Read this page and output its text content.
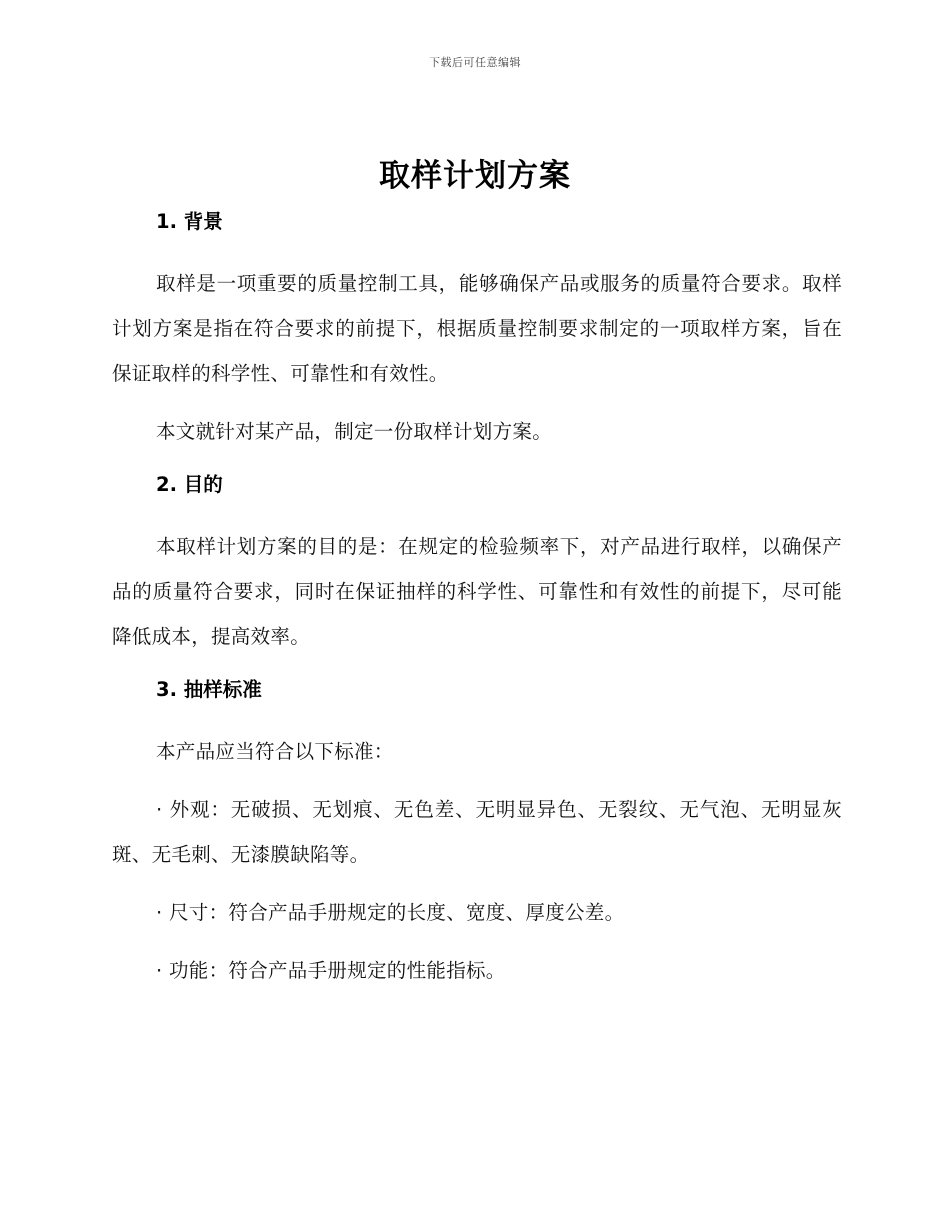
下载后可任意编辑
取样计划方案

1. 背景

取样是一项重要的质量控制工具，能够确保产品或服务的质量符合要求。取样计划方案是指在符合要求的前提下，根据质量控制要求制定的一项取样方案，旨在保证取样的科学性、可靠性和有效性。

本文就针对某产品，制定一份取样计划方案。

2. 目的

本取样计划方案的目的是：在规定的检验频率下，对产品进行取样，以确保产品的质量符合要求，同时在保证抽样的科学性、可靠性和有效性的前提下，尽可能降低成本，提高效率。

3. 抽样标准

本产品应当符合以下标准：

· 外观：无破损、无划痕、无色差、无明显异色、无裂纹、无气泡、无明显灰斑、无毛刺、无漆膜缺陷等。

· 尺寸：符合产品手册规定的长度、宽度、厚度公差。

· 功能：符合产品手册规定的性能指标。
